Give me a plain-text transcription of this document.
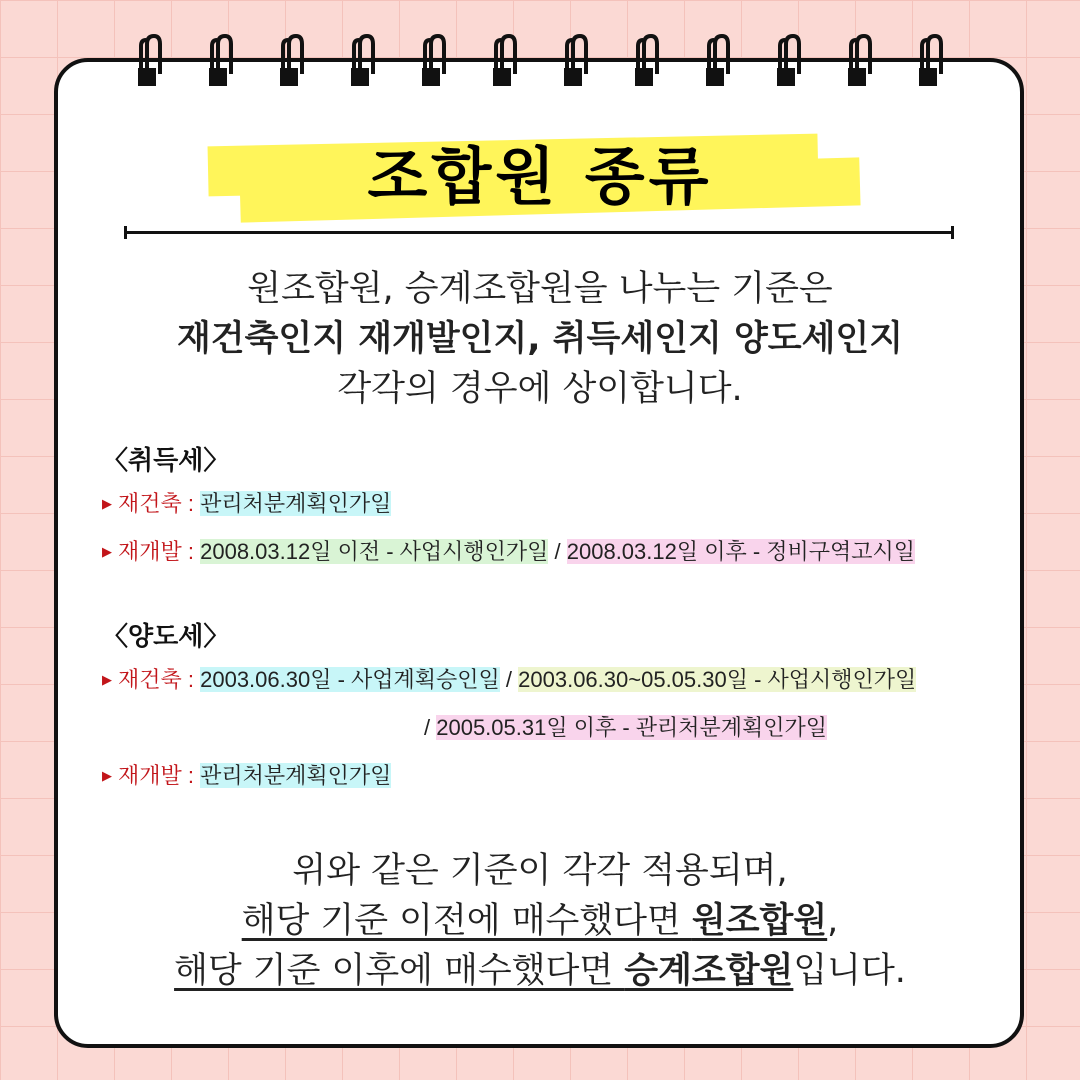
조합원 종류
원조합원, 승계조합원을 나누는 기준은
재건축인지 재개발인지, 취득세인지 양도세인지
각각의 경우에 상이합니다.
〈취득세〉
▶ 재건축 : 관리처분계획인가일
▶ 재개발 : 2008.03.12일 이전 - 사업시행인가일 / 2008.03.12일 이후 - 정비구역고시일
〈양도세〉
▶ 재건축 : 2003.06.30일 - 사업계획승인일 / 2003.06.30~05.05.30일 - 사업시행인가일
/ 2005.05.31일 이후 - 관리처분계획인가일
▶ 재개발 : 관리처분계획인가일
위와 같은 기준이 각각 적용되며,
해당 기준 이전에 매수했다면 원조합원,
해당 기준 이후에 매수했다면 승계조합원입니다.
